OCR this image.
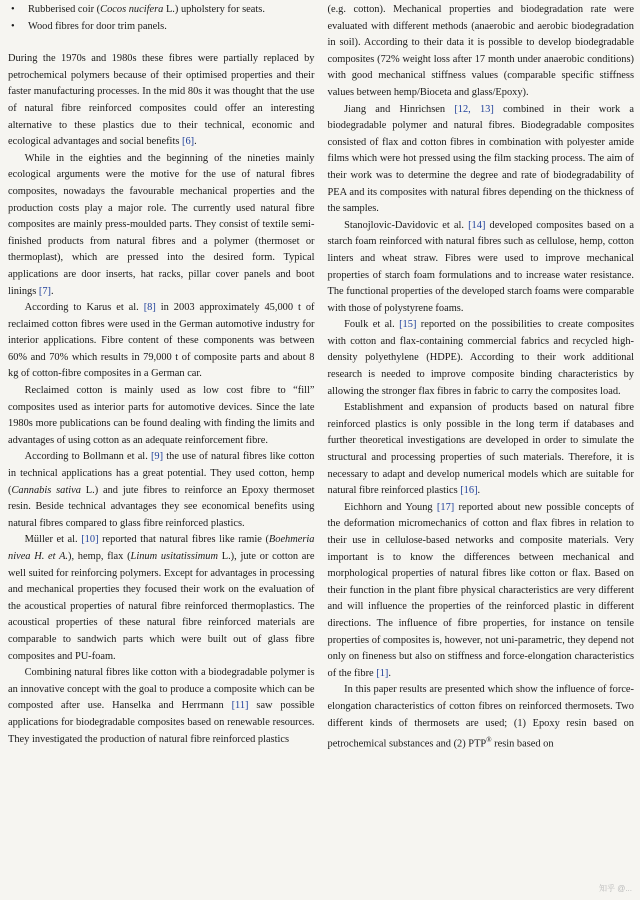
• Rubberised coir (Cocos nucifera L.) upholstery for seats.
• Wood fibres for door trim panels.

During the 1970s and 1980s these fibres were partially replaced by petrochemical polymers because of their optimised properties and their faster manufacturing processes. In the mid 80s it was thought that the use of natural fibre reinforced composites could offer an interesting alternative to these plastics due to their technical, economic and ecological advantages and social benefits [6].

While in the eighties and the beginning of the nineties mainly ecological arguments were the motive for the use of natural fibres composites, nowadays the favourable mechanical properties and the production costs play a major role. The currently used natural fibre composites are mainly press-moulded parts. They consist of textile semi-finished products from natural fibres and a polymer (thermoset or thermoplast), which are pressed into the desired form. Typical applications are door inserts, hat racks, pillar cover panels and boot linings [7].

According to Karus et al. [8] in 2003 approximately 45,000 t of reclaimed cotton fibres were used in the German automotive industry for interior applications. Fibre content of these components was between 60% and 70% which results in 79,000 t of composite parts and about 8 kg of cotton-fibre composites in a German car.

Reclaimed cotton is mainly used as low cost fibre to “fill” composites used as interior parts for automotive devices. Since the late 1980s more publications can be found dealing with finding the limits and advantages of using cotton as an adequate reinforcement fibre.

According to Bollmann et al. [9] the use of natural fibres like cotton in technical applications has a great potential. They used cotton, hemp (Cannabis sativa L.) and jute fibres to reinforce an Epoxy thermoset resin. Beside technical advantages they see economical benefits using natural fibres compared to glass fibre reinforced plastics.

Müller et al. [10] reported that natural fibres like ramie (Boehmeria nivea H. et A.), hemp, flax (Linum usitatissimum L.), jute or cotton are well suited for reinforcing polymers. Except for advantages in processing and mechanical properties they focused their work on the evaluation of the acoustical properties of natural fibre reinforced thermoplastics. The acoustical properties of these natural fibre reinforced materials are comparable to sandwich parts which were built out of glass fibre composites and PU-foam.

Combining natural fibres like cotton with a biodegradable polymer is an innovative concept with the goal to produce a composite which can be composted after use. Hanselka and Herrmann [11] saw possible applications for biodegradable composites based on renewable resources. They investigated the production of natural fibre reinforced plastics

(e.g. cotton). Mechanical properties and biodegradation rate were evaluated with different methods (anaerobic and aerobic biodegradation in soil). According to their data it is possible to develop biodegradable composites (72% weight loss after 17 month under anaerobic conditions) with good mechanical stiffness values (comparable specific stiffness values between hemp/Bioceta and glass/Epoxy).

Jiang and Hinrichsen [12, 13] combined in their work a biodegradable polymer and natural fibres. Biodegradable composites consisted of flax and cotton fibres in combination with polyester amide films which were hot pressed using the film stacking process. The aim of their work was to determine the degree and rate of biodegradability of PEA and its composites with natural fibres depending on the thickness of the samples.

Stanojlovic-Davidovic et al. [14] developed composites based on a starch foam reinforced with natural fibres such as cellulose, hemp, cotton linters and wheat straw. Fibres were used to improve mechanical properties of starch foam formulations and to increase water resistance. The functional properties of the developed starch foams were comparable with those of polystyrene foams.

Foulk et al. [15] reported on the possibilities to create composites with cotton and flax-containing commercial fabrics and recycled high-density polyethylene (HDPE). According to their work additional research is needed to improve composite binding characteristics by allowing the stronger flax fibres in fabric to carry the composites load.

Establishment and expansion of products based on natural fibre reinforced plastics is only possible in the long term if databases and further theoretical investigations are developed in order to simulate the structural and processing properties of such materials. Therefore, it is necessary to adapt and develop numerical models which are suitable for natural fibre reinforced plastics [16].

Eichhorn and Young [17] reported about new possible concepts of the deformation micromechanics of cotton and flax fibres in relation to their use in cellulose-based networks and composite materials. Very important is to know the differences between mechanical and morphological properties of natural fibres like cotton or flax. Based on their function in the plant fibre physical characteristics are very different and will influence the properties of the reinforced plastic in different directions. The influence of fibre properties, for instance on tensile properties of composites is, however, not uni-parametric, they depend not only on fineness but also on stiffness and force-elongation characteristics of the fibre [1].

In this paper results are presented which show the influence of force-elongation characteristics of cotton fibres on reinforced thermosets. Two different kinds of thermosets are used; (1) Epoxy resin based on petrochemical substances and (2) PTP® resin based on

知乎 @...
